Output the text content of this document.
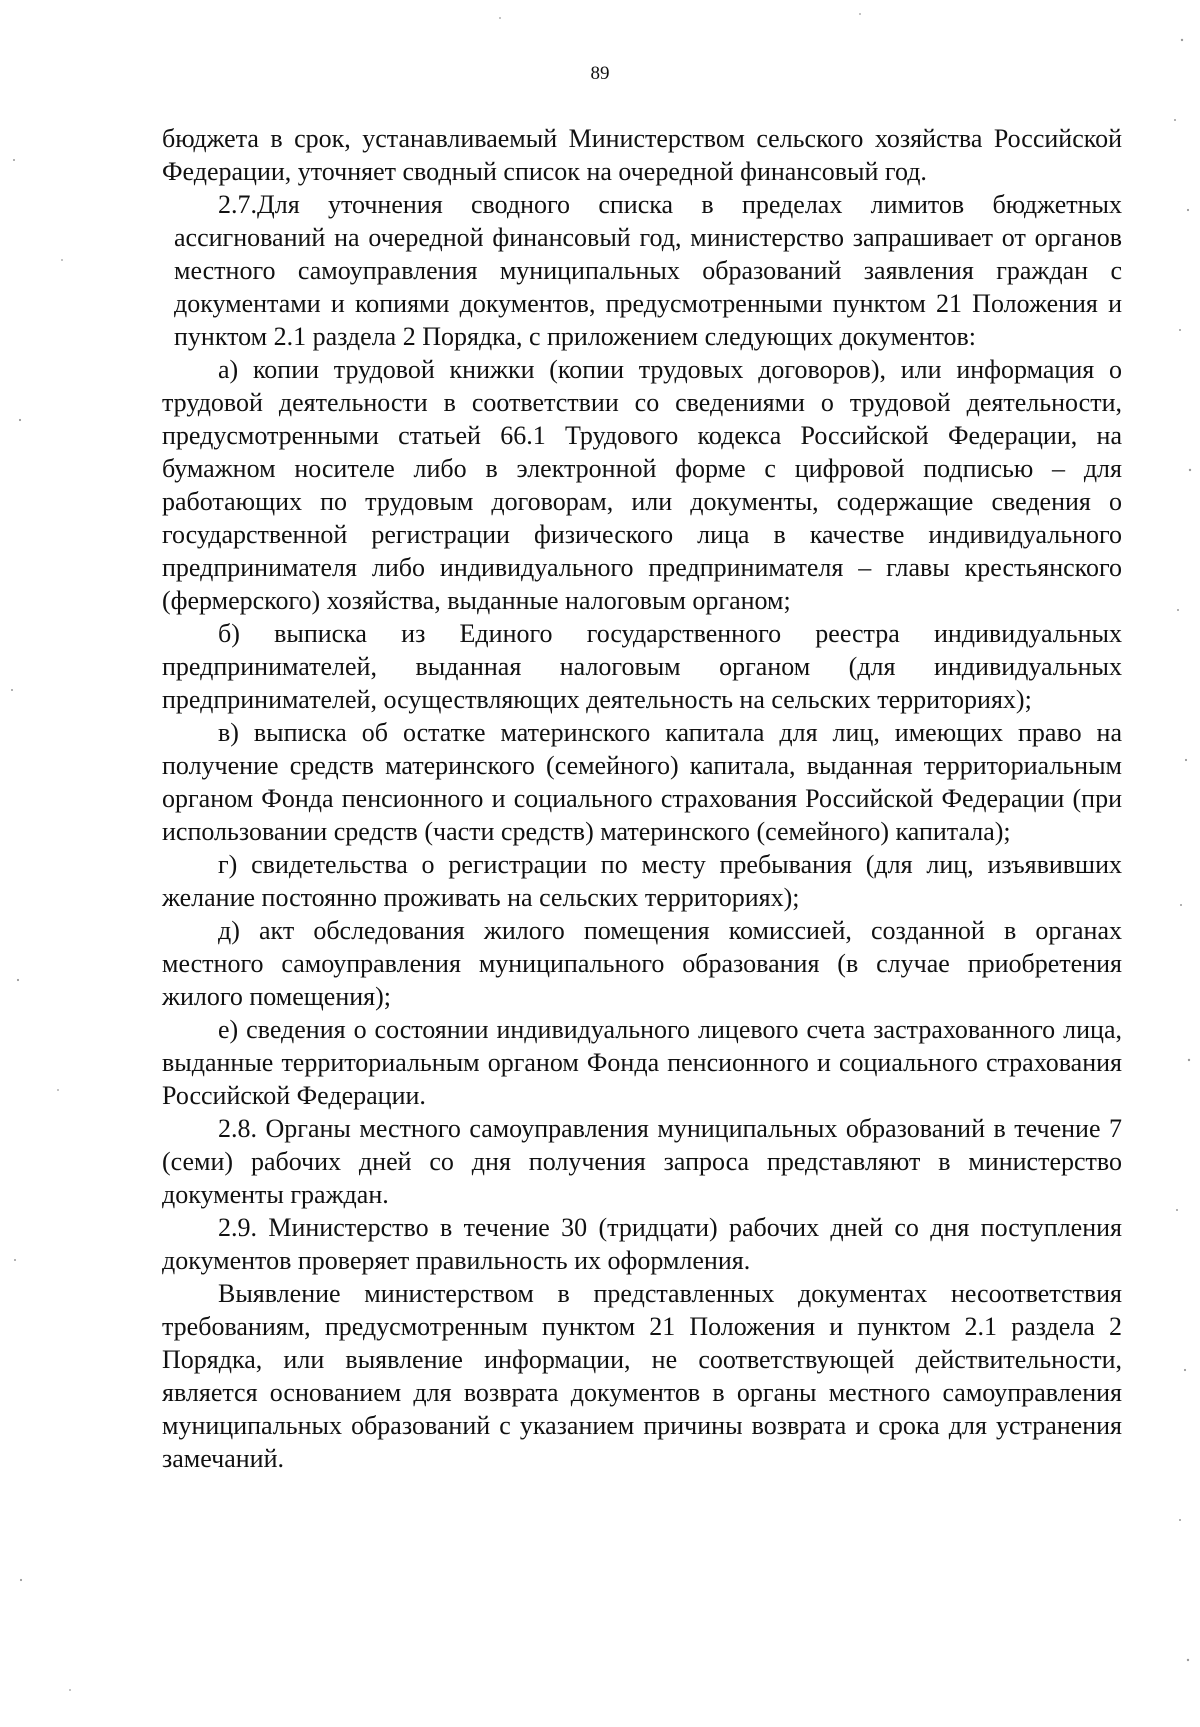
89

бюджета в срок, устанавливаемый Министерством сельского хозяйства Российской Федерации, уточняет сводный список на очередной финансовый год.

2.7.Для уточнения сводного списка в пределах лимитов бюджетных ассигнований на очередной финансовый год, министерство запрашивает от органов местного самоуправления муниципальных образований заявления граждан с документами и копиями документов, предусмотренными пунктом 21 Положения и пунктом 2.1 раздела 2 Порядка, с приложением следующих документов:

а) копии трудовой книжки (копии трудовых договоров), или информация о трудовой деятельности в соответствии со сведениями о трудовой деятельности, предусмотренными статьей 66.1 Трудового кодекса Российской Федерации, на бумажном носителе либо в электронной форме с цифровой подписью – для работающих по трудовым договорам, или документы, содержащие сведения о государственной регистрации физического лица в качестве индивидуального предпринимателя либо индивидуального предпринимателя – главы крестьянского (фермерского) хозяйства, выданные налоговым органом;

б) выписка из Единого государственного реестра индивидуальных предпринимателей, выданная налоговым органом (для индивидуальных предпринимателей, осуществляющих деятельность на сельских территориях);

в) выписка об остатке материнского капитала для лиц, имеющих право на получение средств материнского (семейного) капитала, выданная территориальным органом Фонда пенсионного и социального страхования Российской Федерации (при использовании средств (части средств) материнского (семейного) капитала);

г) свидетельства о регистрации по месту пребывания (для лиц, изъявивших желание постоянно проживать на сельских территориях);

д) акт обследования жилого помещения комиссией, созданной в органах местного самоуправления муниципального образования (в случае приобретения жилого помещения);

е) сведения о состоянии индивидуального лицевого счета застрахованного лица, выданные территориальным органом Фонда пенсионного и социального страхования Российской Федерации.

2.8. Органы местного самоуправления муниципальных образований в течение 7 (семи) рабочих дней со дня получения запроса представляют в министерство документы граждан.

2.9. Министерство в течение 30 (тридцати) рабочих дней со дня поступления документов проверяет правильность их оформления.

Выявление министерством в представленных документах несоответствия требованиям, предусмотренным пунктом 21 Положения и пунктом 2.1 раздела 2 Порядка, или выявление информации, не соответствующей действительности, является основанием для возврата документов в органы местного самоуправления муниципальных образований с указанием причины возврата и срока для устранения замечаний.
